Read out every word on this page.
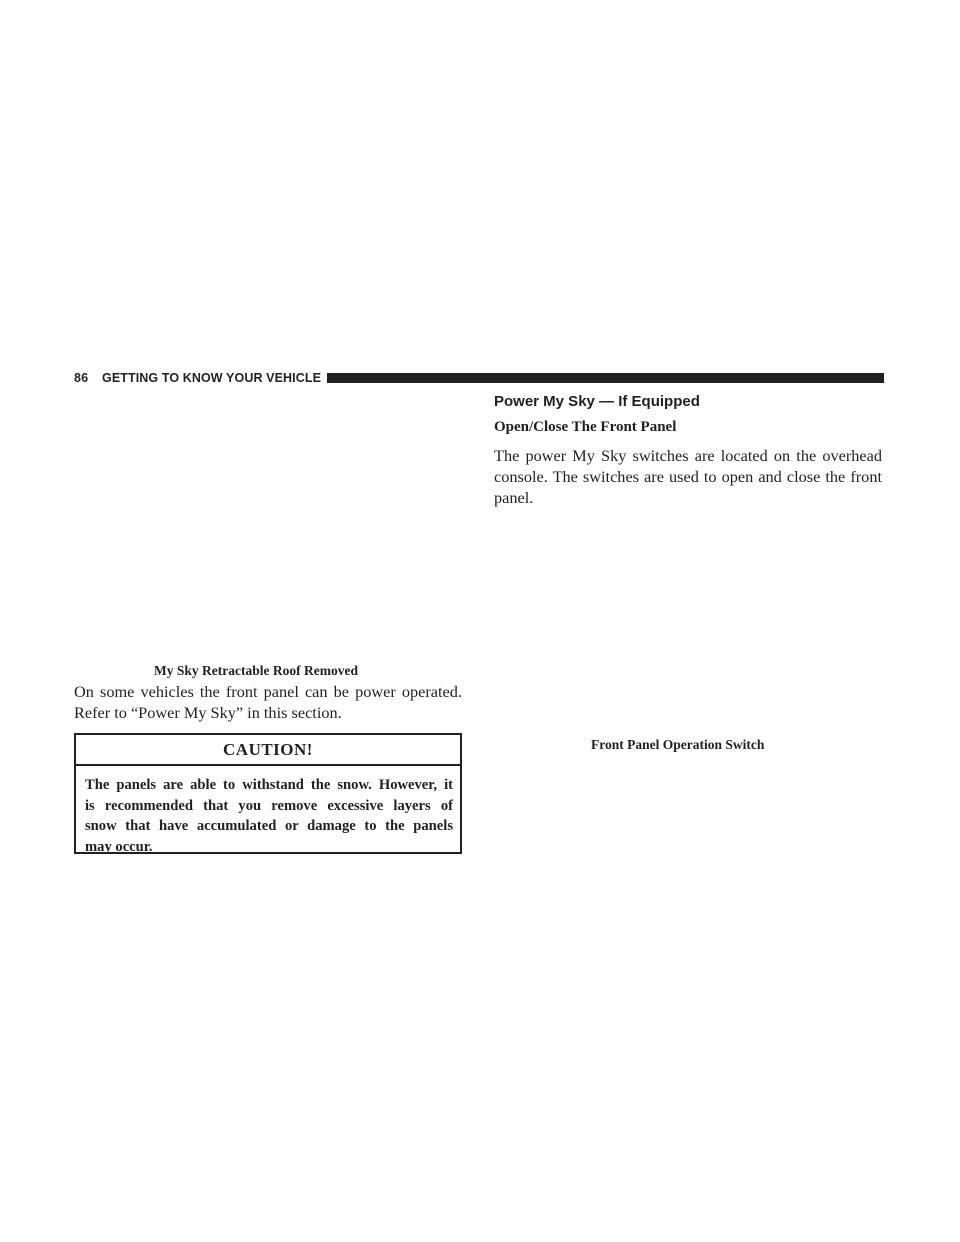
86 GETTING TO KNOW YOUR VEHICLE
My Sky Retractable Roof Removed
On some vehicles the front panel can be power operated.
Refer to “Power My Sky” in this section.
CAUTION!
The panels are able to withstand the snow. However, it
is recommended that you remove excessive layers of
snow that have accumulated or damage to the panels
may occur.
Power My Sky — If Equipped
Open/Close The Front Panel
The power My Sky switches are located on the overhead
console. The switches are used to open and close the front
panel.
Front Panel Operation Switch
